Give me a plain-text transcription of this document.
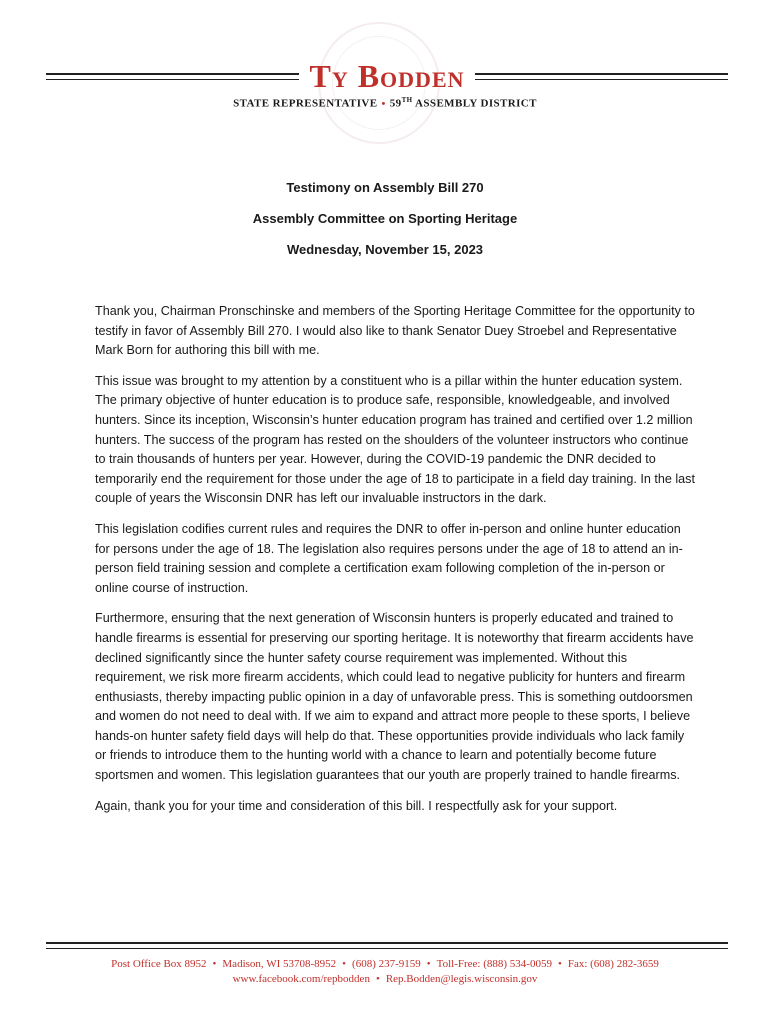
Ty Bodden
STATE REPRESENTATIVE • 59TH ASSEMBLY DISTRICT
Testimony on Assembly Bill 270
Assembly Committee on Sporting Heritage
Wednesday, November 15, 2023

Thank you, Chairman Pronschinske and members of the Sporting Heritage Committee for the opportunity to testify in favor of Assembly Bill 270. I would also like to thank Senator Duey Stroebel and Representative Mark Born for authoring this bill with me.

This issue was brought to my attention by a constituent who is a pillar within the hunter education system. The primary objective of hunter education is to produce safe, responsible, knowledgeable, and involved hunters. Since its inception, Wisconsin’s hunter education program has trained and certified over 1.2 million hunters. The success of the program has rested on the shoulders of the volunteer instructors who continue to train thousands of hunters per year. However, during the COVID-19 pandemic the DNR decided to temporarily end the requirement for those under the age of 18 to participate in a field day training. In the last couple of years the Wisconsin DNR has left our invaluable instructors in the dark.

This legislation codifies current rules and requires the DNR to offer in-person and online hunter education for persons under the age of 18. The legislation also requires persons under the age of 18 to attend an in-person field training session and complete a certification exam following completion of the in-person or online course of instruction.

Furthermore, ensuring that the next generation of Wisconsin hunters is properly educated and trained to handle firearms is essential for preserving our sporting heritage. It is noteworthy that firearm accidents have declined significantly since the hunter safety course requirement was implemented. Without this requirement, we risk more firearm accidents, which could lead to negative publicity for hunters and firearm enthusiasts, thereby impacting public opinion in a day of unfavorable press. This is something outdoorsmen and women do not need to deal with. If we aim to expand and attract more people to these sports, I believe hands-on hunter safety field days will help do that. These opportunities provide individuals who lack family or friends to introduce them to the hunting world with a chance to learn and potentially become future sportsmen and women. This legislation guarantees that our youth are properly trained to handle firearms.

Again, thank you for your time and consideration of this bill. I respectfully ask for your support.

Post Office Box 8952 • Madison, WI 53708-8952 • (608) 237-9159 • Toll-Free: (888) 534-0059 • Fax: (608) 282-3659
www.facebook.com/repbodden • Rep.Bodden@legis.wisconsin.gov
